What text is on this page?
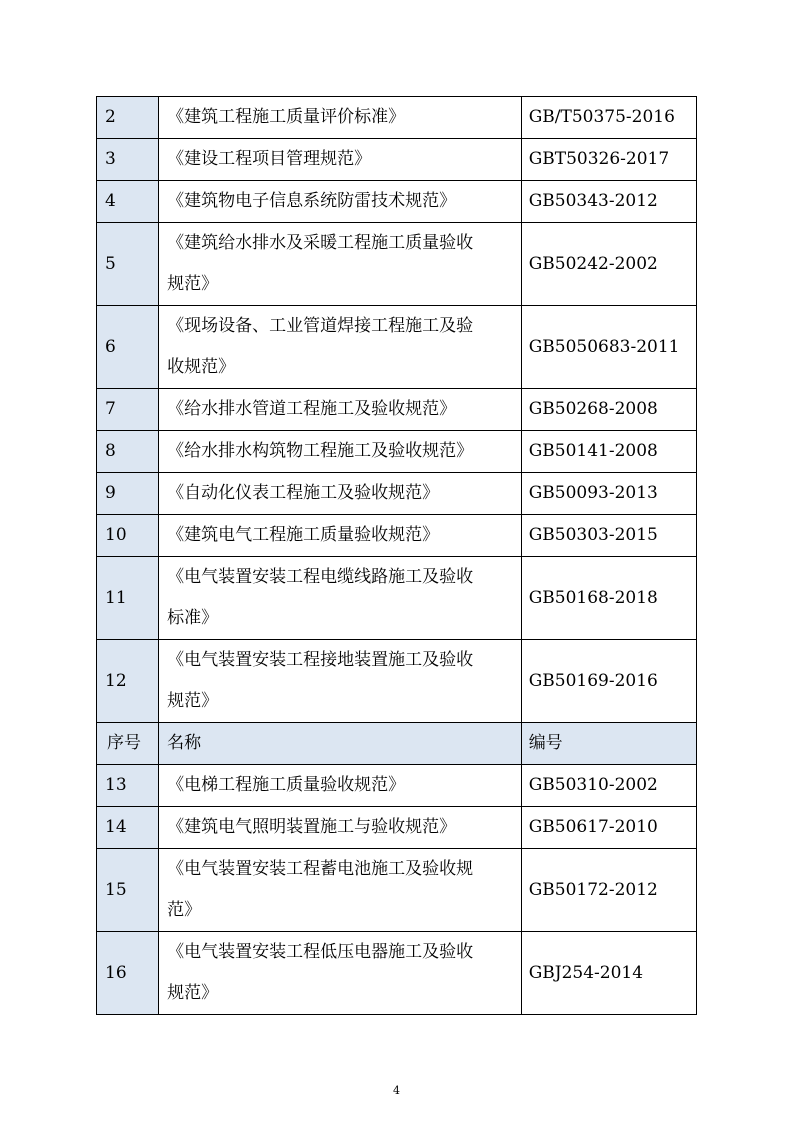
2	《建筑工程施工质量评价标准》	GB/T50375-2016
3	《建设工程项目管理规范》	GBT50326-2017
4	《建筑物电子信息系统防雷技术规范》	GB50343-2012
5	《建筑给水排水及采暖工程施工质量验收
规范》	GB50242-2002
6	《现场设备、工业管道焊接工程施工及验
收规范》	GB5050683-2011
7	《给水排水管道工程施工及验收规范》	GB50268-2008
8	《给水排水构筑物工程施工及验收规范》	GB50141-2008
9	《自动化仪表工程施工及验收规范》	GB50093-2013
10	《建筑电气工程施工质量验收规范》	GB50303-2015
11	《电气装置安装工程电缆线路施工及验收
标准》	GB50168-2018
12	《电气装置安装工程接地装置施工及验收
规范》	GB50169-2016
序号	名称	编号
13	《电梯工程施工质量验收规范》	GB50310-2002
14	《建筑电气照明装置施工与验收规范》	GB50617-2010
15	《电气装置安装工程蓄电池施工及验收规
范》	GB50172-2012
16	《电气装置安装工程低压电器施工及验收
规范》	GBJ254-2014
4
